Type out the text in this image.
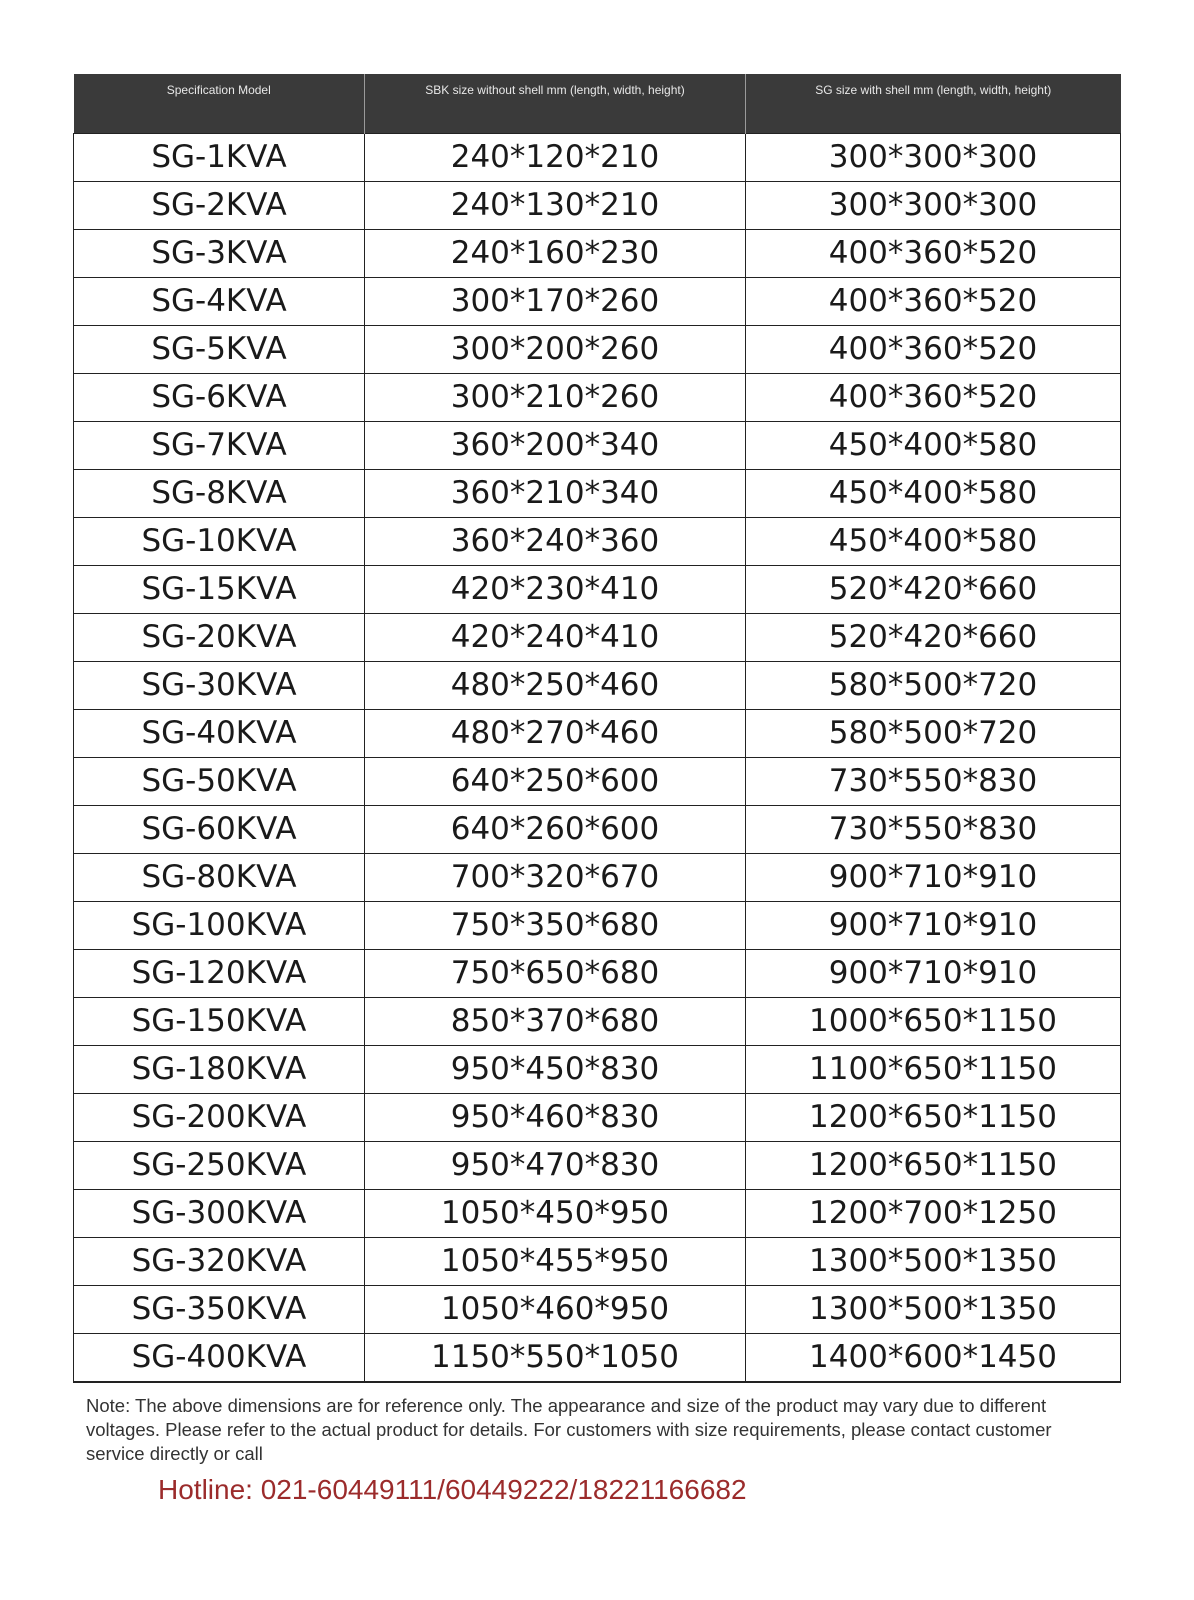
Specification Model	SBK size without shell mm (length, width, height)	SG size with shell mm (length, width, height)
SG-1KVA	240*120*210	300*300*300
SG-2KVA	240*130*210	300*300*300
SG-3KVA	240*160*230	400*360*520
SG-4KVA	300*170*260	400*360*520
SG-5KVA	300*200*260	400*360*520
SG-6KVA	300*210*260	400*360*520
SG-7KVA	360*200*340	450*400*580
SG-8KVA	360*210*340	450*400*580
SG-10KVA	360*240*360	450*400*580
SG-15KVA	420*230*410	520*420*660
SG-20KVA	420*240*410	520*420*660
SG-30KVA	480*250*460	580*500*720
SG-40KVA	480*270*460	580*500*720
SG-50KVA	640*250*600	730*550*830
SG-60KVA	640*260*600	730*550*830
SG-80KVA	700*320*670	900*710*910
SG-100KVA	750*350*680	900*710*910
SG-120KVA	750*650*680	900*710*910
SG-150KVA	850*370*680	1000*650*1150
SG-180KVA	950*450*830	1100*650*1150
SG-200KVA	950*460*830	1200*650*1150
SG-250KVA	950*470*830	1200*650*1150
SG-300KVA	1050*450*950	1200*700*1250
SG-320KVA	1050*455*950	1300*500*1350
SG-350KVA	1050*460*950	1300*500*1350
SG-400KVA	1150*550*1050	1400*600*1450

Note: The above dimensions are for reference only. The appearance and size of the product may vary due to different voltages. Please refer to the actual product for details. For customers with size requirements, please contact customer service directly or call

Hotline: 021-60449111/60449222/18221166682
